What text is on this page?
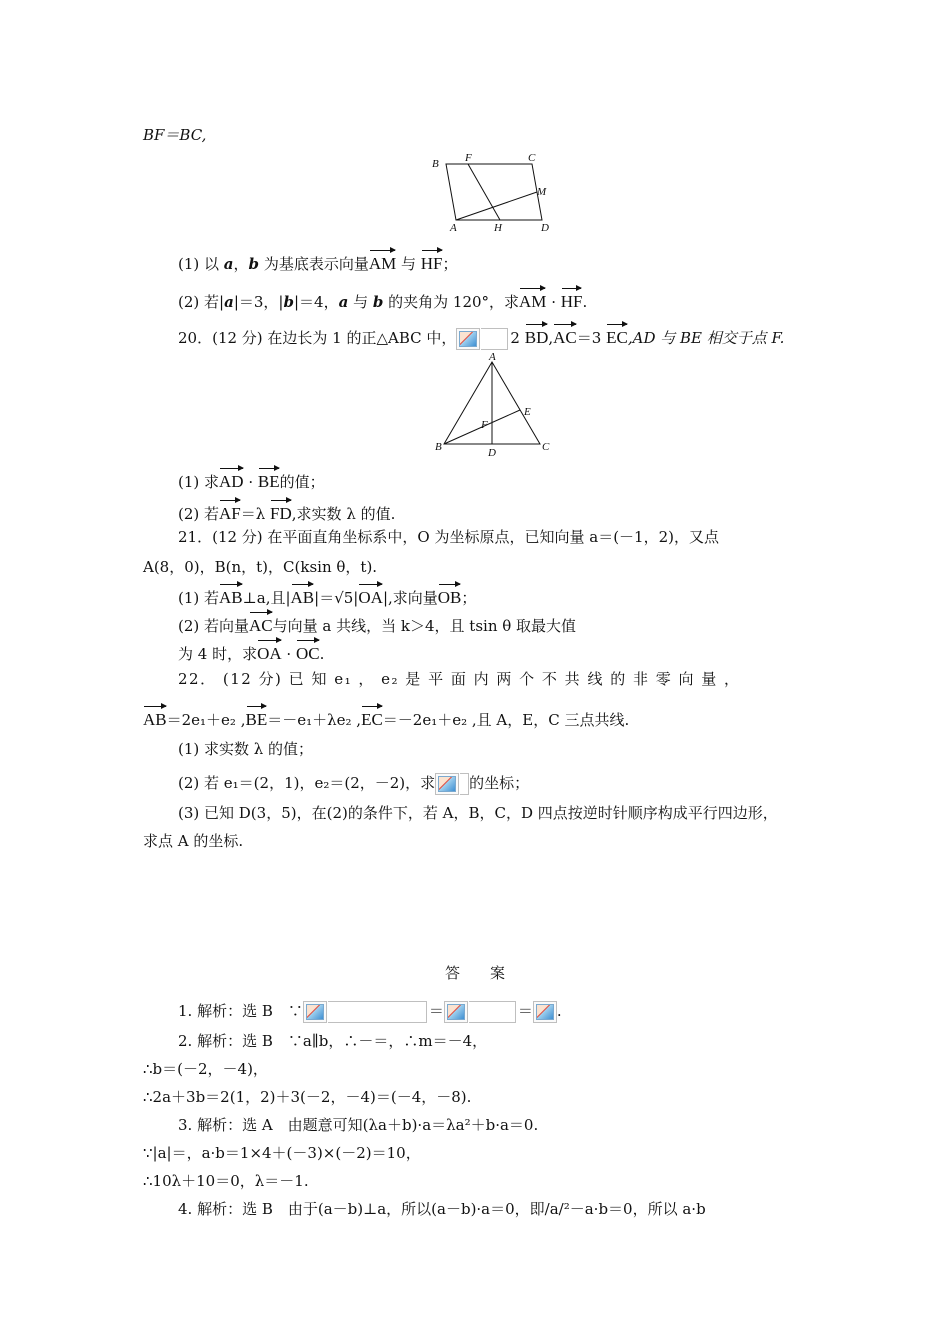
BF＝BC,
B F	C
M
A	H	D
(1) 以 a，b 为基底表示向量AM 与 HF；
(2) 若|a|＝3，|b|＝4，a 与 b 的夹角为 120°，求AM · HF.
20．(12 分) 在边长为 1 的正△ABC 中，	2 BD,AC＝3 EC,AD 与 BE 相交于点 F.
A
E
F
B	D	C
(1) 求AD · BE的值；
(2) 若AF＝λ FD,求实数 λ 的值.
21．(12 分) 在平面直角坐标系中，O 为坐标原点，已知向量 a＝(－1，2)，又点
A(8，0)，B(n，t)，C(ksin θ，t).
(1) 若AB⊥a,且|AB|＝√5|OA|,求向量OB；
(2) 若向量AC与向量 a 共线，当 k＞4，且 tsin θ 取最大值
为 4 时，求OA · OC.
22． (12 分) 已 知 e₁ ， e₂ 是 平 面 内 两 个 不 共 线 的 非 零 向 量 ，
AB＝2e₁＋e₂ ,BE＝－e₁＋λe₂ ,EC＝－2e₁＋e₂ ,且 A，E，C 三点共线.
(1) 求实数 λ 的值；
(2) 若 e₁＝(2，1)，e₂＝(2，－2)，求 的坐标；
(3) 已知 D(3，5)，在(2)的条件下，若 A，B，C，D 四点按逆时针顺序构成平行四边形，
求点 A 的坐标.
答　　案
1. 解析：选 B　∵	＝	＝ .
2. 解析：选 B　∵a∥b，∴－＝，∴m＝－4，
∴b＝(－2，－4)，
∴2a＋3b＝2(1，2)＋3(－2，－4)＝(－4，－8).
3. 解析：选 A　由题意可知(λa＋b)·a＝λa²＋b·a＝0.
∵|a|＝，a·b＝1×4＋(－3)×(－2)＝10，
∴10λ＋10＝0，λ＝－1.
4. 解析：选 B　由于(a－b)⊥a，所以(a－b)·a＝0，即/a/²－a·b＝0，所以 a·b
